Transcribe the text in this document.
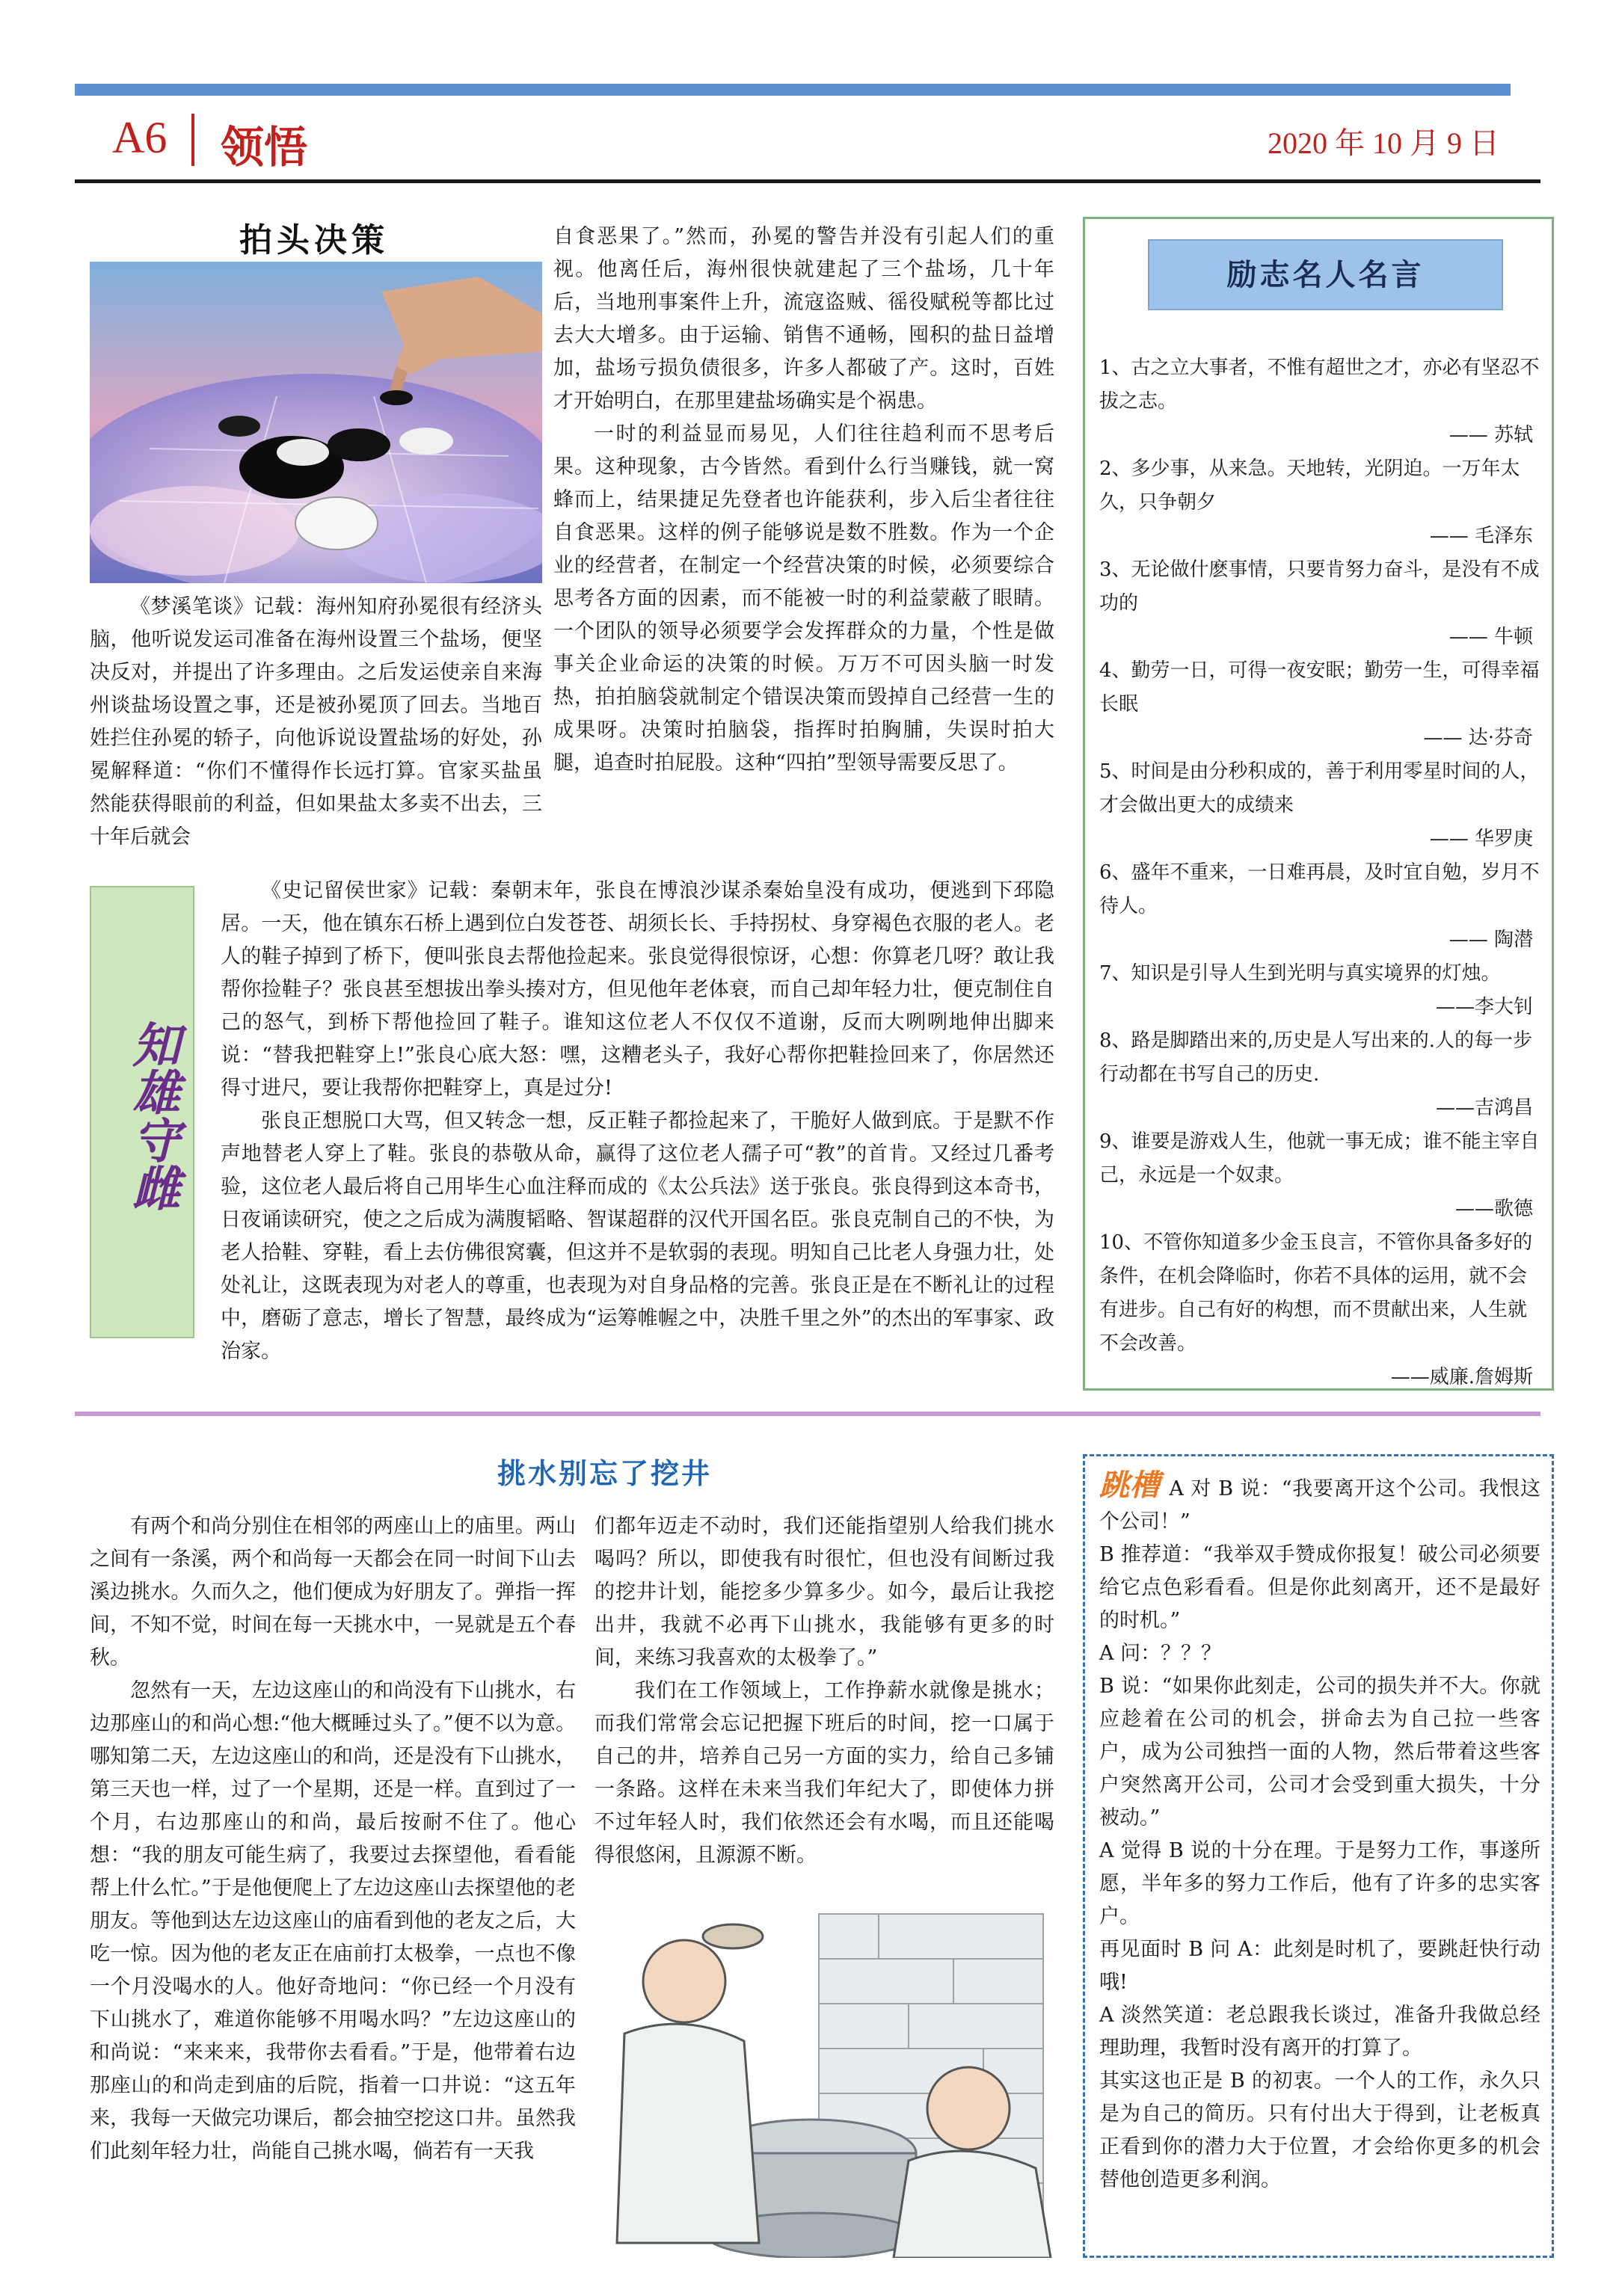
A6 领悟	2020 年 10 月 9 日
拍头决策

《梦溪笔谈》记载：海州知府孙冕很有经济头脑，他听说发运司准备在海州设置三个盐场，便坚决反对，并提出了许多理由。之后发运使亲自来海州谈盐场设置之事，还是被孙冕顶了回去。当地百姓拦住孙冕的轿子，向他诉说设置盐场的好处，孙冕解释道：“你们不懂得作长远打算。官家买盐虽然能获得眼前的利益，但如果盐太多卖不出去，三十年后就会

自食恶果了。”然而，孙冕的警告并没有引起人们的重视。他离任后，海州很快就建起了三个盐场，几十年后，当地刑事案件上升，流寇盗贼、徭役赋税等都比过去大大增多。由于运输、销售不通畅，囤积的盐日益增加，盐场亏损负债很多，许多人都破了产。这时，百姓才开始明白，在那里建盐场确实是个祸患。

一时的利益显而易见，人们往往趋利而不思考后果。这种现象，古今皆然。看到什么行当赚钱，就一窝蜂而上，结果捷足先登者也许能获利，步入后尘者往往自食恶果。这样的例子能够说是数不胜数。作为一个企业的经营者，在制定一个经营决策的时候，必须要综合思考各方面的因素，而不能被一时的利益蒙蔽了眼睛。 一个团队的领导必须要学会发挥群众的力量，个性是做事关企业命运的决策的时候。万万不可因头脑一时发热，拍拍脑袋就制定个错误决策而毁掉自己经营一生的成果呀。决策时拍脑袋，指挥时拍胸脯，失误时拍大腿，追查时拍屁股。这种“四拍”型领导需要反思了。

知雄守雌

《史记留侯世家》记载：秦朝末年，张良在博浪沙谋杀秦始皇没有成功，便逃到下邳隐居。一天，他在镇东石桥上遇到位白发苍苍、胡须长长、手持拐杖、身穿褐色衣服的老人。老人的鞋子掉到了桥下，便叫张良去帮他捡起来。张良觉得很惊讶，心想：你算老几呀？敢让我帮你捡鞋子？张良甚至想拔出拳头揍对方，但见他年老体衰，而自己却年轻力壮，便克制住自己的怒气，到桥下帮他捡回了鞋子。谁知这位老人不仅仅不道谢，反而大咧咧地伸出脚来说：“替我把鞋穿上!”张良心底大怒：嘿，这糟老头子，我好心帮你把鞋捡回来了，你居然还得寸进尺，要让我帮你把鞋穿上，真是过分!

张良正想脱口大骂，但又转念一想，反正鞋子都捡起来了，干脆好人做到底。于是默不作声地替老人穿上了鞋。张良的恭敬从命，赢得了这位老人孺子可“教”的首肯。又经过几番考验，这位老人最后将自己用毕生心血注释而成的《太公兵法》送于张良。张良得到这本奇书，日夜诵读研究，使之之后成为满腹韬略、智谋超群的汉代开国名臣。张良克制自己的不快，为老人拾鞋、穿鞋，看上去仿佛很窝囊，但这并不是软弱的表现。明知自己比老人身强力壮，处处礼让，这既表现为对老人的尊重，也表现为对自身品格的完善。张良正是在不断礼让的过程中，磨砺了意志，增长了智慧，最终成为“运筹帷幄之中，决胜千里之外”的杰出的军事家、政治家。

励志名人名言

1、古之立大事者，不惟有超世之才，亦必有坚忍不拔之志。

—— 苏轼

2、多少事，从来急。天地转，光阴迫。一万年太久，只争朝夕

—— 毛泽东

3、无论做什麽事情，只要肯努力奋斗，是没有不成功的

—— 牛顿

4、勤劳一日，可得一夜安眠；勤劳一生，可得幸福长眠

—— 达·芬奇

5、时间是由分秒积成的，善于利用零星时间的人，才会做出更大的成绩来

—— 华罗庚

6、盛年不重来，一日难再晨，及时宜自勉，岁月不待人。

—— 陶潜

7、知识是引导人生到光明与真实境界的灯烛。

——李大钊

8、路是脚踏出来的,历史是人写出来的.人的每一步行动都在书写自己的历史.

——吉鸿昌

9、谁要是游戏人生，他就一事无成；谁不能主宰自己，永远是一个奴隶。

——歌德

10、不管你知道多少金玉良言，不管你具备多好的条件，在机会降临时，你若不具体的运用，就不会有进步。自己有好的构想，而不贯献出来，人生就不会改善。

——威廉.詹姆斯

挑水别忘了挖井

有两个和尚分别住在相邻的两座山上的庙里。两山之间有一条溪，两个和尚每一天都会在同一时间下山去溪边挑水。久而久之，他们便成为好朋友了。弹指一挥间，不知不觉，时间在每一天挑水中，一晃就是五个春秋。

忽然有一天，左边这座山的和尚没有下山挑水，右边那座山的和尚心想:“他大概睡过头了。”便不以为意。哪知第二天，左边这座山的和尚，还是没有下山挑水，第三天也一样，过了一个星期，还是一样。直到过了一个月，右边那座山的和尚，最后按耐不住了。他心想：“我的朋友可能生病了，我要过去探望他，看看能帮上什么忙。”于是他便爬上了左边这座山去探望他的老朋友。等他到达左边这座山的庙看到他的老友之后，大吃一惊。因为他的老友正在庙前打太极拳，一点也不像一个月没喝水的人。他好奇地问：“你已经一个月没有下山挑水了，难道你能够不用喝水吗？”左边这座山的和尚说：“来来来，我带你去看看。”于是，他带着右边那座山的和尚走到庙的后院，指着一口井说：“这五年来，我每一天做完功课后，都会抽空挖这口井。虽然我们此刻年轻力壮，尚能自己挑水喝，倘若有一天我

们都年迈走不动时，我们还能指望别人给我们挑水喝吗？所以，即使我有时很忙，但也没有间断过我的挖井计划，能挖多少算多少。如今，最后让我挖出井，我就不必再下山挑水，我能够有更多的时间，来练习我喜欢的太极拳了。”

我们在工作领域上，工作挣薪水就像是挑水；而我们常常会忘记把握下班后的时间，挖一口属于自己的井，培养自己另一方面的实力，给自己多铺一条路。这样在未来当我们年纪大了，即使体力拼不过年轻人时，我们依然还会有水喝，而且还能喝得很悠闲，且源源不断。

跳槽 A 对 B 说：“我要离开这个公司。我恨这个公司！”

B 推荐道：“我举双手赞成你报复！破公司必须要给它点色彩看看。但是你此刻离开，还不是最好的时机。”

A 问：？？？

B 说：“如果你此刻走，公司的损失并不大。你就应趁着在公司的机会，拼命去为自己拉一些客户，成为公司独挡一面的人物，然后带着这些客户突然离开公司，公司才会受到重大损失，十分被动。”

A 觉得 B 说的十分在理。于是努力工作，事遂所愿，半年多的努力工作后，他有了许多的忠实客户。

再见面时 B 问 A：此刻是时机了，要跳赶快行动哦!

A 淡然笑道：老总跟我长谈过，准备升我做总经理助理，我暂时没有离开的打算了。

其实这也正是 B 的初衷。一个人的工作，永久只是为自己的简历。只有付出大于得到，让老板真正看到你的潜力大于位置，才会给你更多的机会替他创造更多利润。
